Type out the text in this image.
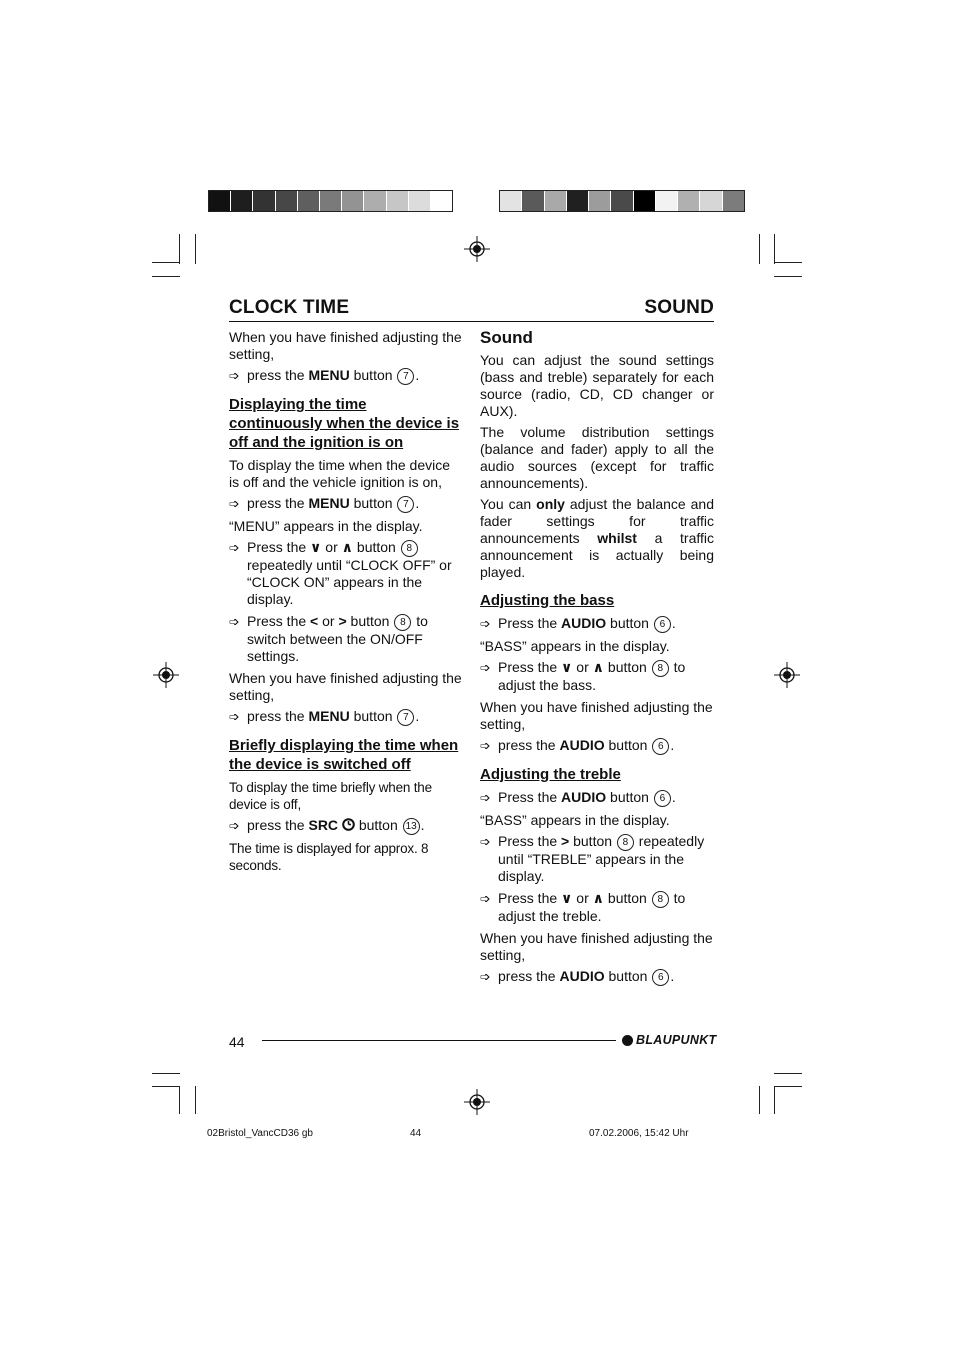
CLOCK TIME	SOUND

When you have finished adjusting the setting,

➩ press the MENU button 7 .

Displaying the time continuously when the device is off and the ignition is on

To display the time when the device is off and the vehicle ignition is on,

➩ press the MENU button 7 .

“MENU” appears in the display.

➩ Press the ∨ or ∧ button 8 repeatedly until “CLOCK OFF” or “CLOCK ON” appears in the display.

➩ Press the < or > button 8 to switch between the ON/OFF settings.

When you have finished adjusting the setting,

➩ press the MENU button 7 .

Briefly displaying the time when the device is switched off

To display the time briefly when the device is off,

➩ press the SRC  button 13 .

The time is displayed for approx. 8 seconds.

Sound

You can adjust the sound settings (bass and treble) separately for each source (radio, CD, CD changer or AUX).

The volume distribution settings (balance and fader) apply to all the audio sources (except for traffic announcements).

You can only adjust the balance and fader settings for traffic announcements whilst a traffic announcement is actually being played.

Adjusting the bass

➩ Press the AUDIO button 6 .

“BASS” appears in the display.

➩ Press the ∨ or ∧ button 8 to adjust the bass.

When you have finished adjusting the setting,

➩ press the AUDIO button 6 .

Adjusting the treble

➩ Press the AUDIO button 6 .

“BASS” appears in the display.

➩ Press the > button 8 repeatedly until “TREBLE” appears in the display.

➩ Press the ∨ or ∧ button 8 to adjust the treble.

When you have finished adjusting the setting,

➩ press the AUDIO button 6 .

44	BLAUPUNKT
02Bristol_VancCD36 gb	44	07.02.2006, 15:42 Uhr
